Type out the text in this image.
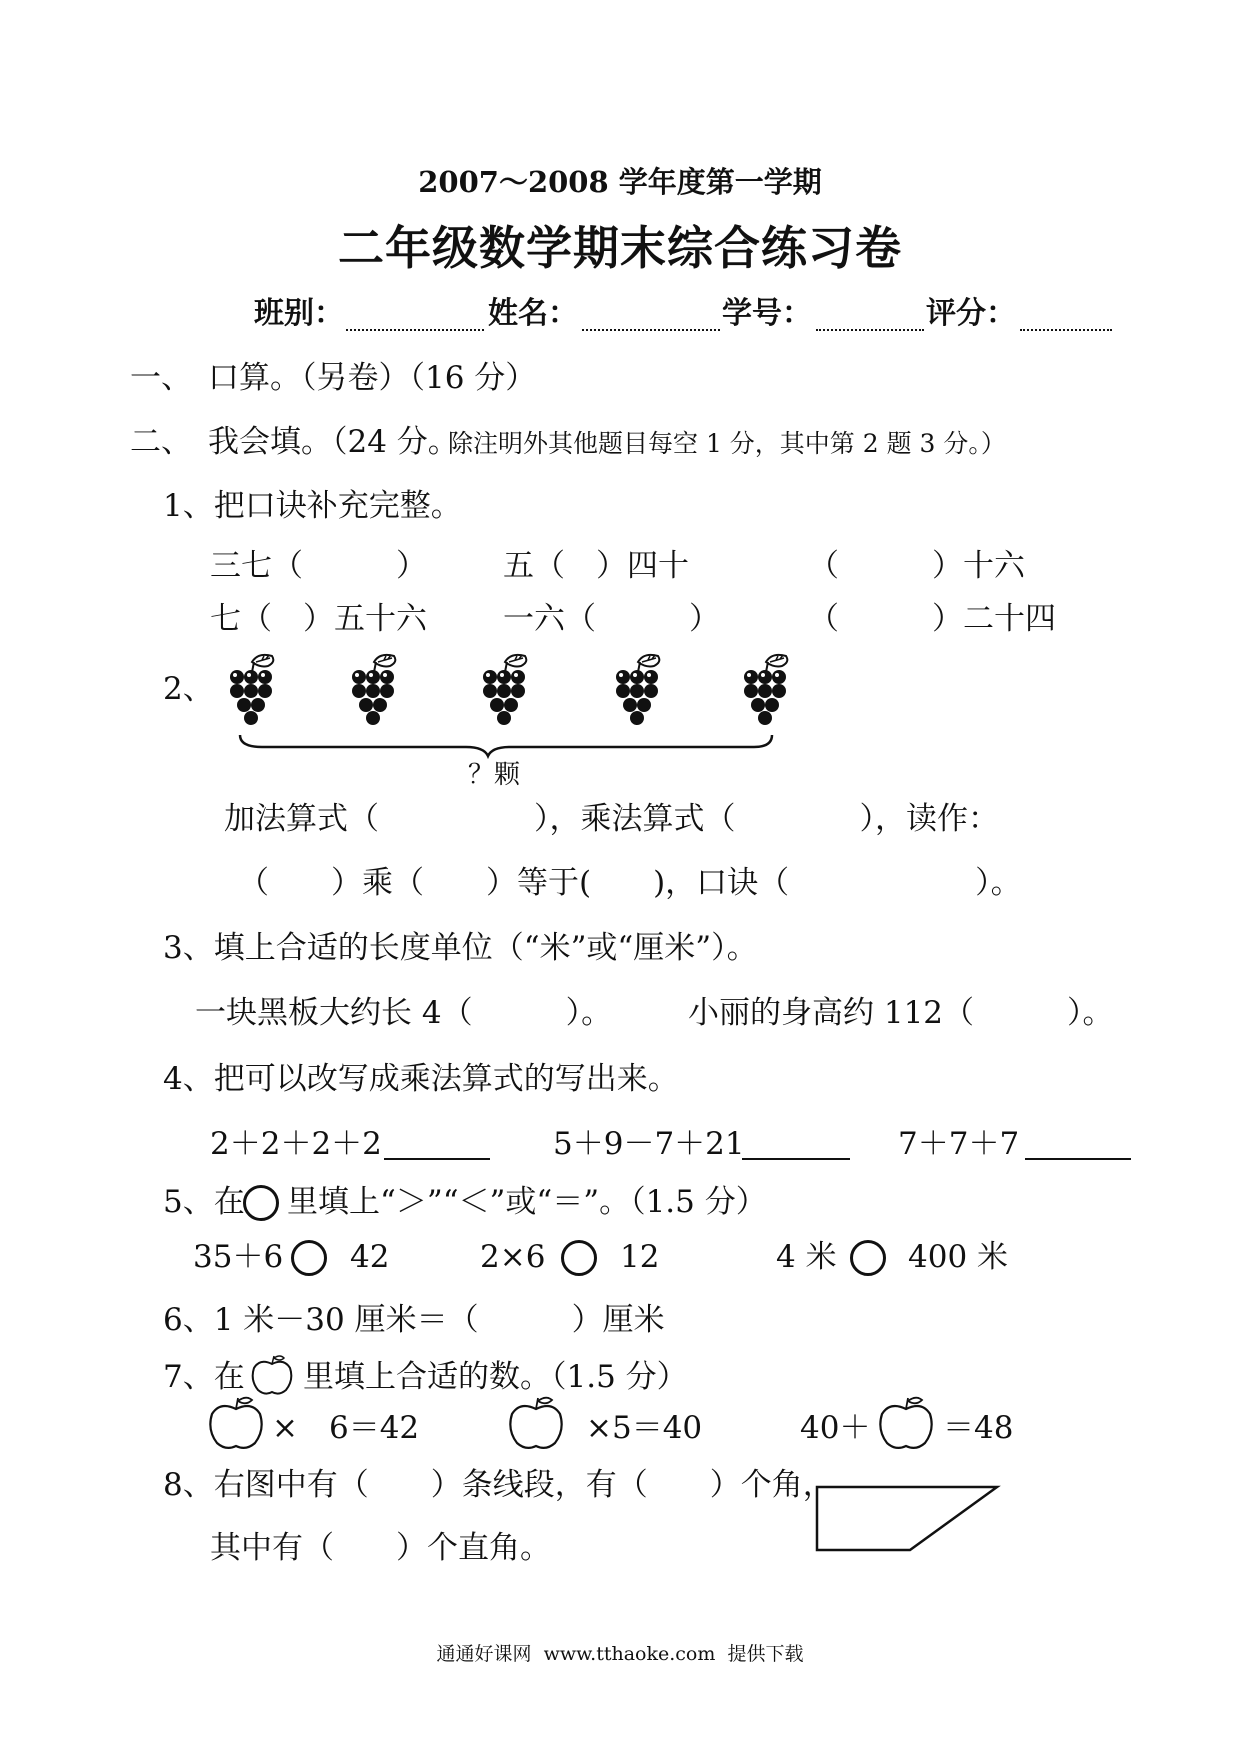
2007～2008 学年度第一学期
二年级数学期末综合练习卷
班别：	姓名：	学号：	评分：
一、 口算。（另卷）（16 分）
二、 我会填。（24 分。
除注明外其他题目每空 1 分，其中第 2 题 3 分。）
1、把口诀补充完整。
三七（　　　） 五（　）四十	（　　　）十六
七（　）五十六 一六（　　　）	（　　　）二十四
2、
？颗
加法算式（　　　　　），乘法算式（　　　　），读作：
（　　）乘（　　）等于(　　)，口诀（　　　　　　）。
3、填上合适的长度单位（“米”或“厘米”）。
一块黑板大约长 4（　　　）。 小丽的身高约 112（　　　）。
4、把可以改写成乘法算式的写出来。
2＋2＋2＋2	5＋9－7＋21	7＋7＋7
5、在 里填上“＞”“＜”或“＝”。（1.5 分）
35＋6 42	2×6 12	4 米 400 米
6、1 米－30 厘米＝（　　　）厘米
7、在 里填上合适的数。（1.5 分）
×　6＝42	×5＝40	40＋ ＝48
8、右图中有（　　）条线段，有（　　）个角，
其中有（　　）个直角。
通通好课网  www.tthaoke.com  提供下载
